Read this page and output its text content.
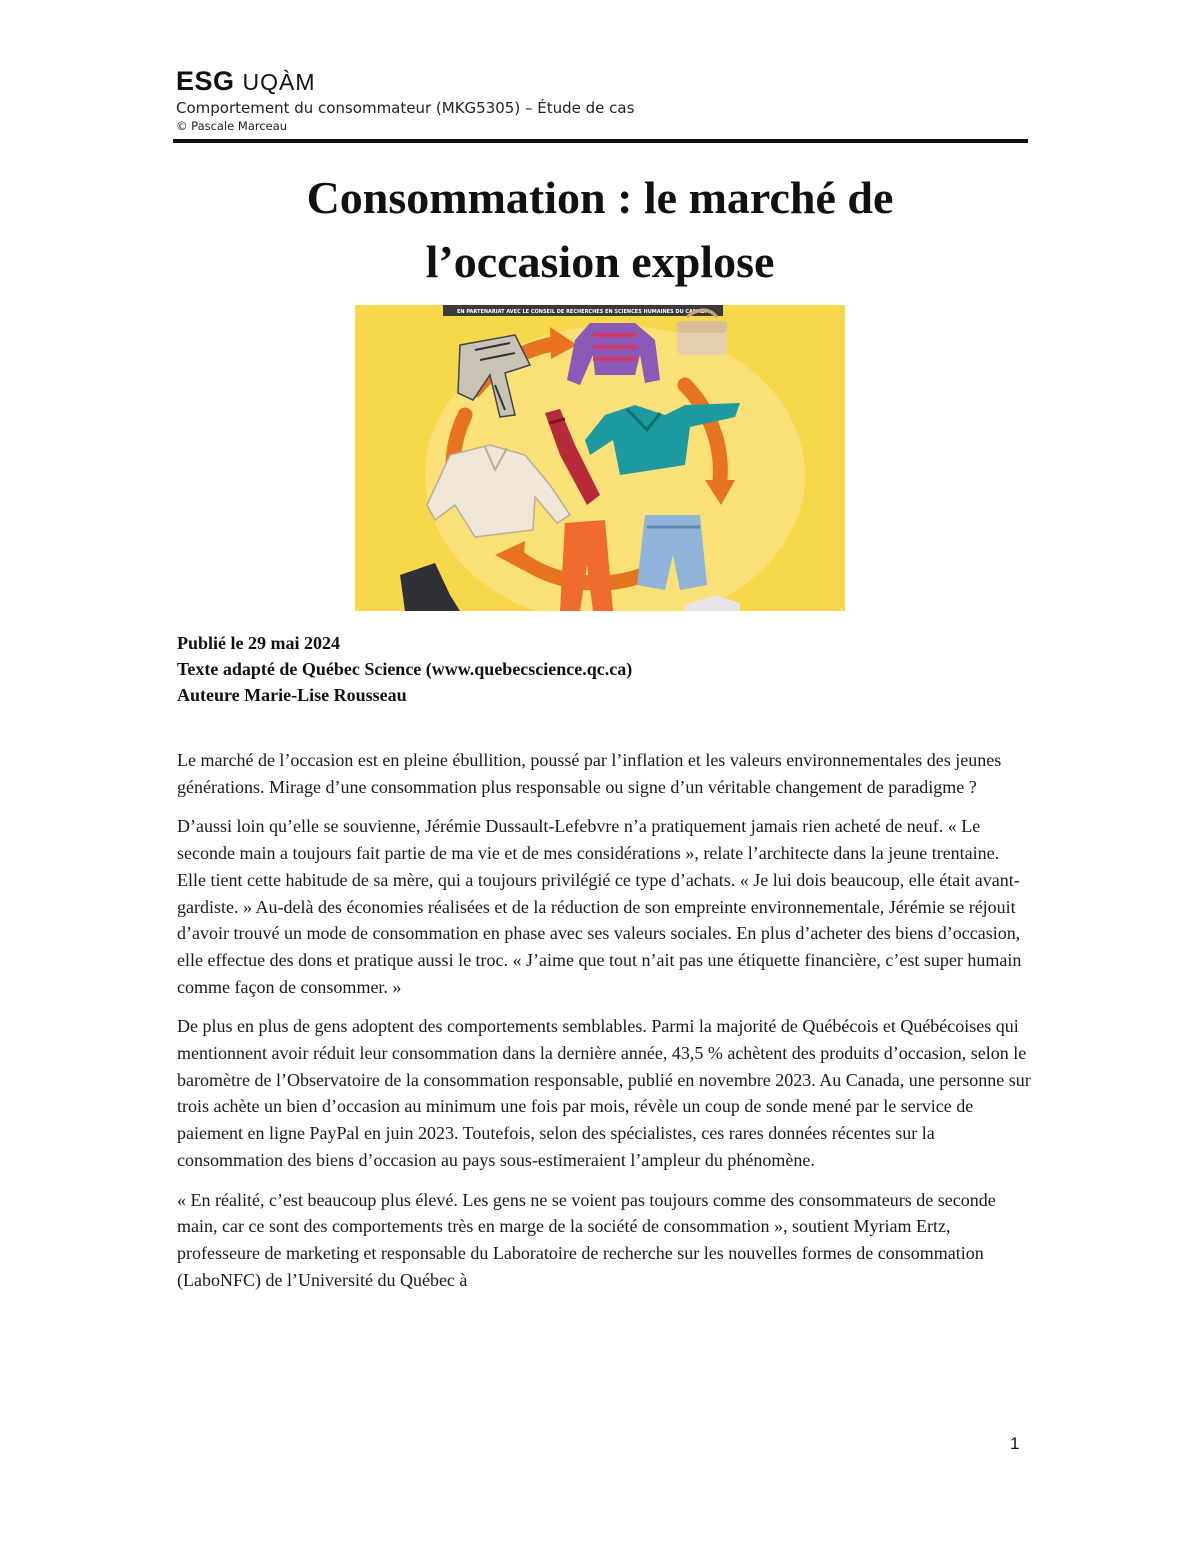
ESG UQÀM
Comportement du consommateur (MKG5305) – Étude de cas
© Pascale Marceau
Consommation : le marché de
l’occasion explose
EN PARTENARIAT AVEC LE CONSEIL DE RECHERCHES EN SCIENCES HUMAINES DU CANADA
Publié le 29 mai 2024
Texte adapté de Québec Science (www.quebecscience.qc.ca)
Auteure Marie-Lise Rousseau

Le marché de l’occasion est en pleine ébullition, poussé par l’inflation et les valeurs environnementales des jeunes générations. Mirage d’une consommation plus responsable ou signe d’un véritable changement de paradigme ?

D’aussi loin qu’elle se souvienne, Jérémie Dussault-Lefebvre n’a pratiquement jamais rien acheté de neuf. « Le seconde main a toujours fait partie de ma vie et de mes considérations », relate l’architecte dans la jeune trentaine. Elle tient cette habitude de sa mère, qui a toujours privilégié ce type d’achats. « Je lui dois beaucoup, elle était avant-gardiste. » Au-delà des économies réalisées et de la réduction de son empreinte environnementale, Jérémie se réjouit d’avoir trouvé un mode de consommation en phase avec ses valeurs sociales. En plus d’acheter des biens d’occasion, elle effectue des dons et pratique aussi le troc. « J’aime que tout n’ait pas une étiquette financière, c’est super humain comme façon de consommer. »

De plus en plus de gens adoptent des comportements semblables. Parmi la majorité de Québécois et Québécoises qui mentionnent avoir réduit leur consommation dans la dernière année, 43,5 % achètent des produits d’occasion, selon le baromètre de l’Observatoire de la consommation responsable, publié en novembre 2023. Au Canada, une personne sur trois achète un bien d’occasion au minimum une fois par mois, révèle un coup de sonde mené par le service de paiement en ligne PayPal en juin 2023. Toutefois, selon des spécialistes, ces rares données récentes sur la consommation des biens d’occasion au pays sous-estimeraient l’ampleur du phénomène.

« En réalité, c’est beaucoup plus élevé. Les gens ne se voient pas toujours comme des consommateurs de seconde main, car ce sont des comportements très en marge de la société de consommation », soutient Myriam Ertz, professeure de marketing et responsable du Laboratoire de recherche sur les nouvelles formes de consommation (LaboNFC) de l’Université du Québec à

1
